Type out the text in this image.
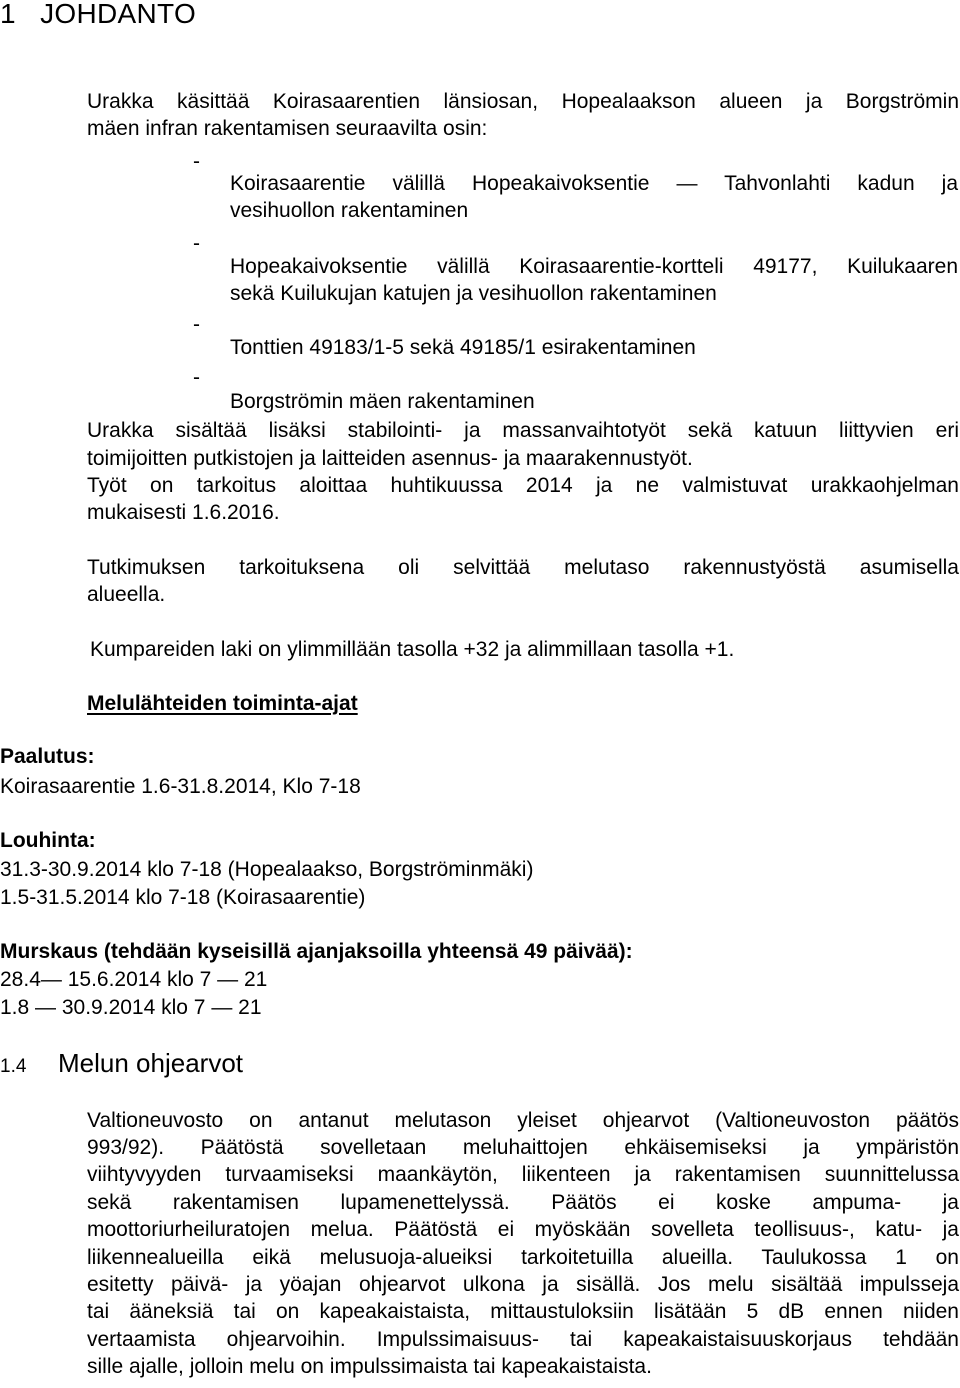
1 JOHDANTO
Urakka käsittää Koirasaarentien länsiosan, Hopealaakson alueen ja Borgströmin
mäen infran rakentamisen seuraavilta osin:
-
Koirasaarentie välillä Hopeakaivoksentie — Tahvonlahti kadun ja
vesihuollon rakentaminen
-
Hopeakaivoksentie välillä Koirasaarentie-kortteli 49177, Kuilukaaren
sekä Kuilukujan katujen ja vesihuollon rakentaminen
-
Tonttien 49183/1-5 sekä 49185/1 esirakentaminen
-
Borgströmin mäen rakentaminen
Urakka sisältää lisäksi stabilointi- ja massanvaihtotyöt sekä katuun liittyvien eri
toimijoitten putkistojen ja laitteiden asennus- ja maarakennustyöt.
Työt on tarkoitus aloittaa huhtikuussa 2014 ja ne valmistuvat urakkaohjelman
mukaisesti 1.6.2016.
Tutkimuksen tarkoituksena oli selvittää melutaso rakennustyöstä asumisella
alueella.
Kumpareiden laki on ylimmillään tasolla +32 ja alimmillaan tasolla +1.
Melulähteiden toiminta-ajat
Paalutus:
Koirasaarentie 1.6-31.8.2014, Klo 7-18
Louhinta:
31.3-30.9.2014 klo 7-18 (Hopealaakso, Borgströminmäki)
1.5-31.5.2014 klo 7-18 (Koirasaarentie)
Murskaus (tehdään kyseisillä ajanjaksoilla yhteensä 49 päivää):
28.4— 15.6.2014 klo 7 — 21
1.8 — 30.9.2014 klo 7 — 21
1.4 Melun ohjearvot
Valtioneuvosto on antanut melutason yleiset ohjearvot (Valtioneuvoston päätös
993/92). Päätöstä sovelletaan meluhaittojen ehkäisemiseksi ja ympäristön
viihtyvyyden turvaamiseksi maankäytön, liikenteen ja rakentamisen suunnittelussa
sekä rakentamisen lupamenettelyssä. Päätös ei koske ampuma- ja
moottoriurheiluratojen melua. Päätöstä ei myöskään sovelleta teollisuus-, katu- ja
liikennealueilla eikä melusuoja-alueiksi tarkoitetuilla alueilla. Taulukossa 1 on
esitetty päivä- ja yöajan ohjearvot ulkona ja sisällä. Jos melu sisältää impulsseja
tai ääneksiä tai on kapeakaistaista, mittaustuloksiin lisätään 5 dB ennen niiden
vertaamista ohjearvoihin. Impulssimaisuus- tai kapeakaistaisuuskorjaus tehdään
sille ajalle, jolloin melu on impulssimaista tai kapeakaistaista.
